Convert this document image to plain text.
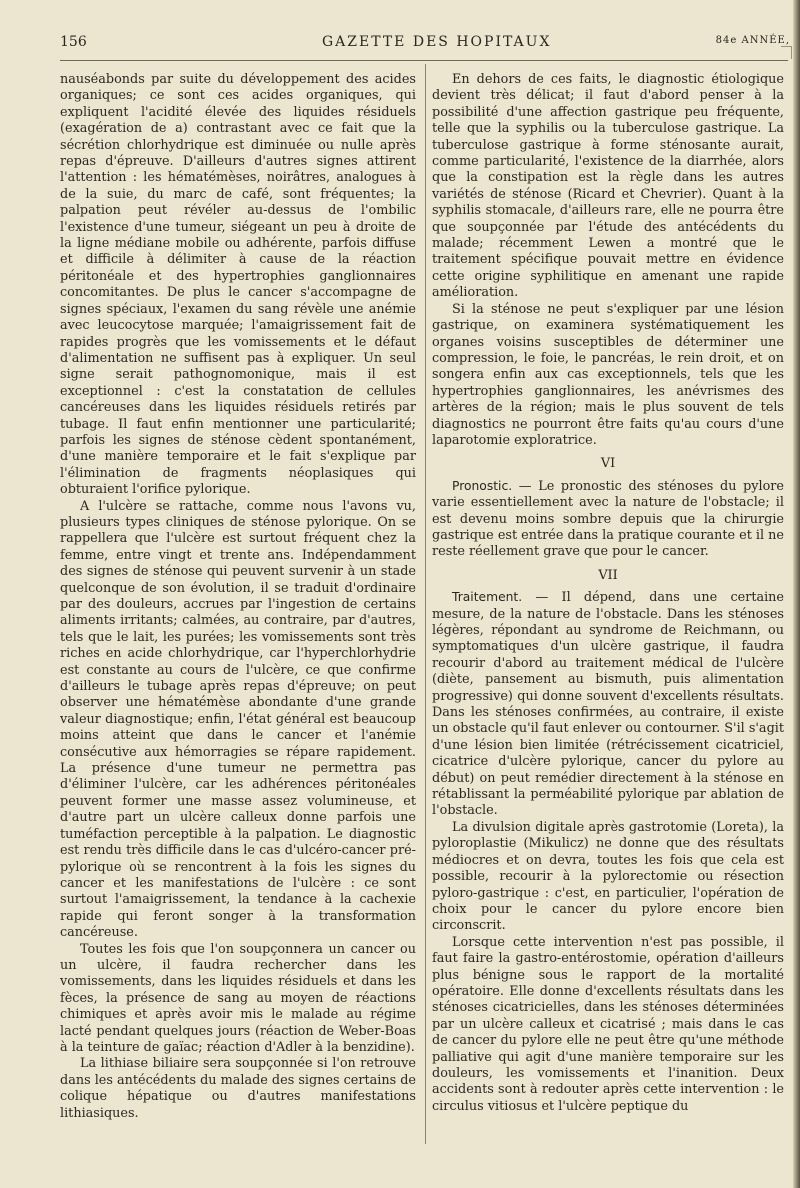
156	GAZETTE DES HOPITAUX	84e ANNÉE,

nauséabonds par suite du développement des acides organiques; ce sont ces acides organiques, qui expliquent l'acidité élevée des liquides résiduels (exagération de a) contrastant avec ce fait que la sécrétion chlorhydrique est diminuée ou nulle après repas d'épreuve. D'ailleurs d'autres signes attirent l'attention : les hématémèses, noirâtres, analogues à de la suie, du marc de café, sont fréquentes; la palpation peut révéler au-dessus de l'ombilic l'existence d'une tumeur, siégeant un peu à droite de la ligne médiane mobile ou adhérente, parfois diffuse et difficile à délimiter à cause de la réaction péritonéale et des hypertrophies ganglionnaires concomitantes. De plus le cancer s'accompagne de signes spéciaux, l'examen du sang révèle une anémie avec leucocytose marquée; l'amaigrissement fait de rapides progrès que les vomissements et le défaut d'alimentation ne suffisent pas à expliquer. Un seul signe serait pathognomonique, mais il est exceptionnel : c'est la constatation de cellules cancéreuses dans les liquides résiduels retirés par tubage. Il faut enfin mentionner une particularité; parfois les signes de sténose cèdent spontanément, d'une manière temporaire et le fait s'explique par l'élimination de fragments néoplasiques qui obturaient l'orifice pylorique.

A l'ulcère se rattache, comme nous l'avons vu, plusieurs types cliniques de sténose pylorique. On se rappellera que l'ulcère est surtout fréquent chez la femme, entre vingt et trente ans. Indépendamment des signes de sténose qui peuvent survenir à un stade quelconque de son évolution, il se traduit d'ordinaire par des douleurs, accrues par l'ingestion de certains aliments irritants; calmées, au contraire, par d'autres, tels que le lait, les purées; les vomissements sont très riches en acide chlorhydrique, car l'hyperchlorhydrie est constante au cours de l'ulcère, ce que confirme d'ailleurs le tubage après repas d'épreuve; on peut observer une hématémèse abondante d'une grande valeur diagnostique; enfin, l'état général est beaucoup moins atteint que dans le cancer et l'anémie consécutive aux hémorragies se répare rapidement. La présence d'une tumeur ne permettra pas d'éliminer l'ulcère, car les adhérences péritonéales peuvent former une masse assez volumineuse, et d'autre part un ulcère calleux donne parfois une tuméfaction perceptible à la palpation. Le diagnostic est rendu très difficile dans le cas d'ulcéro-cancer pré-pylorique où se rencontrent à la fois les signes du cancer et les manifestations de l'ulcère : ce sont surtout l'amaigrissement, la tendance à la cachexie rapide qui feront songer à la transformation cancéreuse.

Toutes les fois que l'on soupçonnera un cancer ou un ulcère, il faudra rechercher dans les vomissements, dans les liquides résiduels et dans les fèces, la présence de sang au moyen de réactions chimiques et après avoir mis le malade au régime lacté pendant quelques jours (réaction de Weber-Boas à la teinture de gaïac; réaction d'Adler à la benzidine).

La lithiase biliaire sera soupçonnée si l'on retrouve dans les antécédents du malade des signes certains de colique hépatique ou d'autres manifestations lithiasiques.

En dehors de ces faits, le diagnostic étiologique devient très délicat; il faut d'abord penser à la possibilité d'une affection gastrique peu fréquente, telle que la syphilis ou la tuberculose gastrique. La tuberculose gastrique à forme sténosante aurait, comme particularité, l'existence de la diarrhée, alors que la constipation est la règle dans les autres variétés de sténose (Ricard et Chevrier). Quant à la syphilis stomacale, d'ailleurs rare, elle ne pourra être que soupçonnée par l'étude des antécédents du malade; récemment Lewen a montré que le traitement spécifique pouvait mettre en évidence cette origine syphilitique en amenant une rapide amélioration.

Si la sténose ne peut s'expliquer par une lésion gastrique, on examinera systématiquement les organes voisins susceptibles de déterminer une compression, le foie, le pancréas, le rein droit, et on songera enfin aux cas exceptionnels, tels que les hypertrophies ganglionnaires, les anévrismes des artères de la région; mais le plus souvent de tels diagnostics ne pourront être faits qu'au cours d'une laparotomie exploratrice.

VI

Pronostic. — Le pronostic des sténoses du pylore varie essentiellement avec la nature de l'obstacle; il est devenu moins sombre depuis que la chirurgie gastrique est entrée dans la pratique courante et il ne reste réellement grave que pour le cancer.

VII

Traitement. — Il dépend, dans une certaine mesure, de la nature de l'obstacle. Dans les sténoses légères, répondant au syndrome de Reichmann, ou symptomatiques d'un ulcère gastrique, il faudra recourir d'abord au traitement médical de l'ulcère (diète, pansement au bismuth, puis alimentation progressive) qui donne souvent d'excellents résultats. Dans les sténoses confirmées, au contraire, il existe un obstacle qu'il faut enlever ou contourner. S'il s'agit d'une lésion bien limitée (rétrécissement cicatriciel, cicatrice d'ulcère pylorique, cancer du pylore au début) on peut remédier directement à la sténose en rétablissant la perméabilité pylorique par ablation de l'obstacle.

La divulsion digitale après gastrotomie (Loreta), la pyloroplastie (Mikulicz) ne donne que des résultats médiocres et on devra, toutes les fois que cela est possible, recourir à la pylorectomie ou résection pyloro-gastrique : c'est, en particulier, l'opération de choix pour le cancer du pylore encore bien circonscrit.

Lorsque cette intervention n'est pas possible, il faut faire la gastro-entérostomie, opération d'ailleurs plus bénigne sous le rapport de la mortalité opératoire. Elle donne d'excellents résultats dans les sténoses cicatricielles, dans les sténoses déterminées par un ulcère calleux et cicatrisé ; mais dans le cas de cancer du pylore elle ne peut être qu'une méthode palliative qui agit d'une manière temporaire sur les douleurs, les vomissements et l'inanition. Deux accidents sont à redouter après cette intervention : le circulus vitiosus et l'ulcère peptique du
